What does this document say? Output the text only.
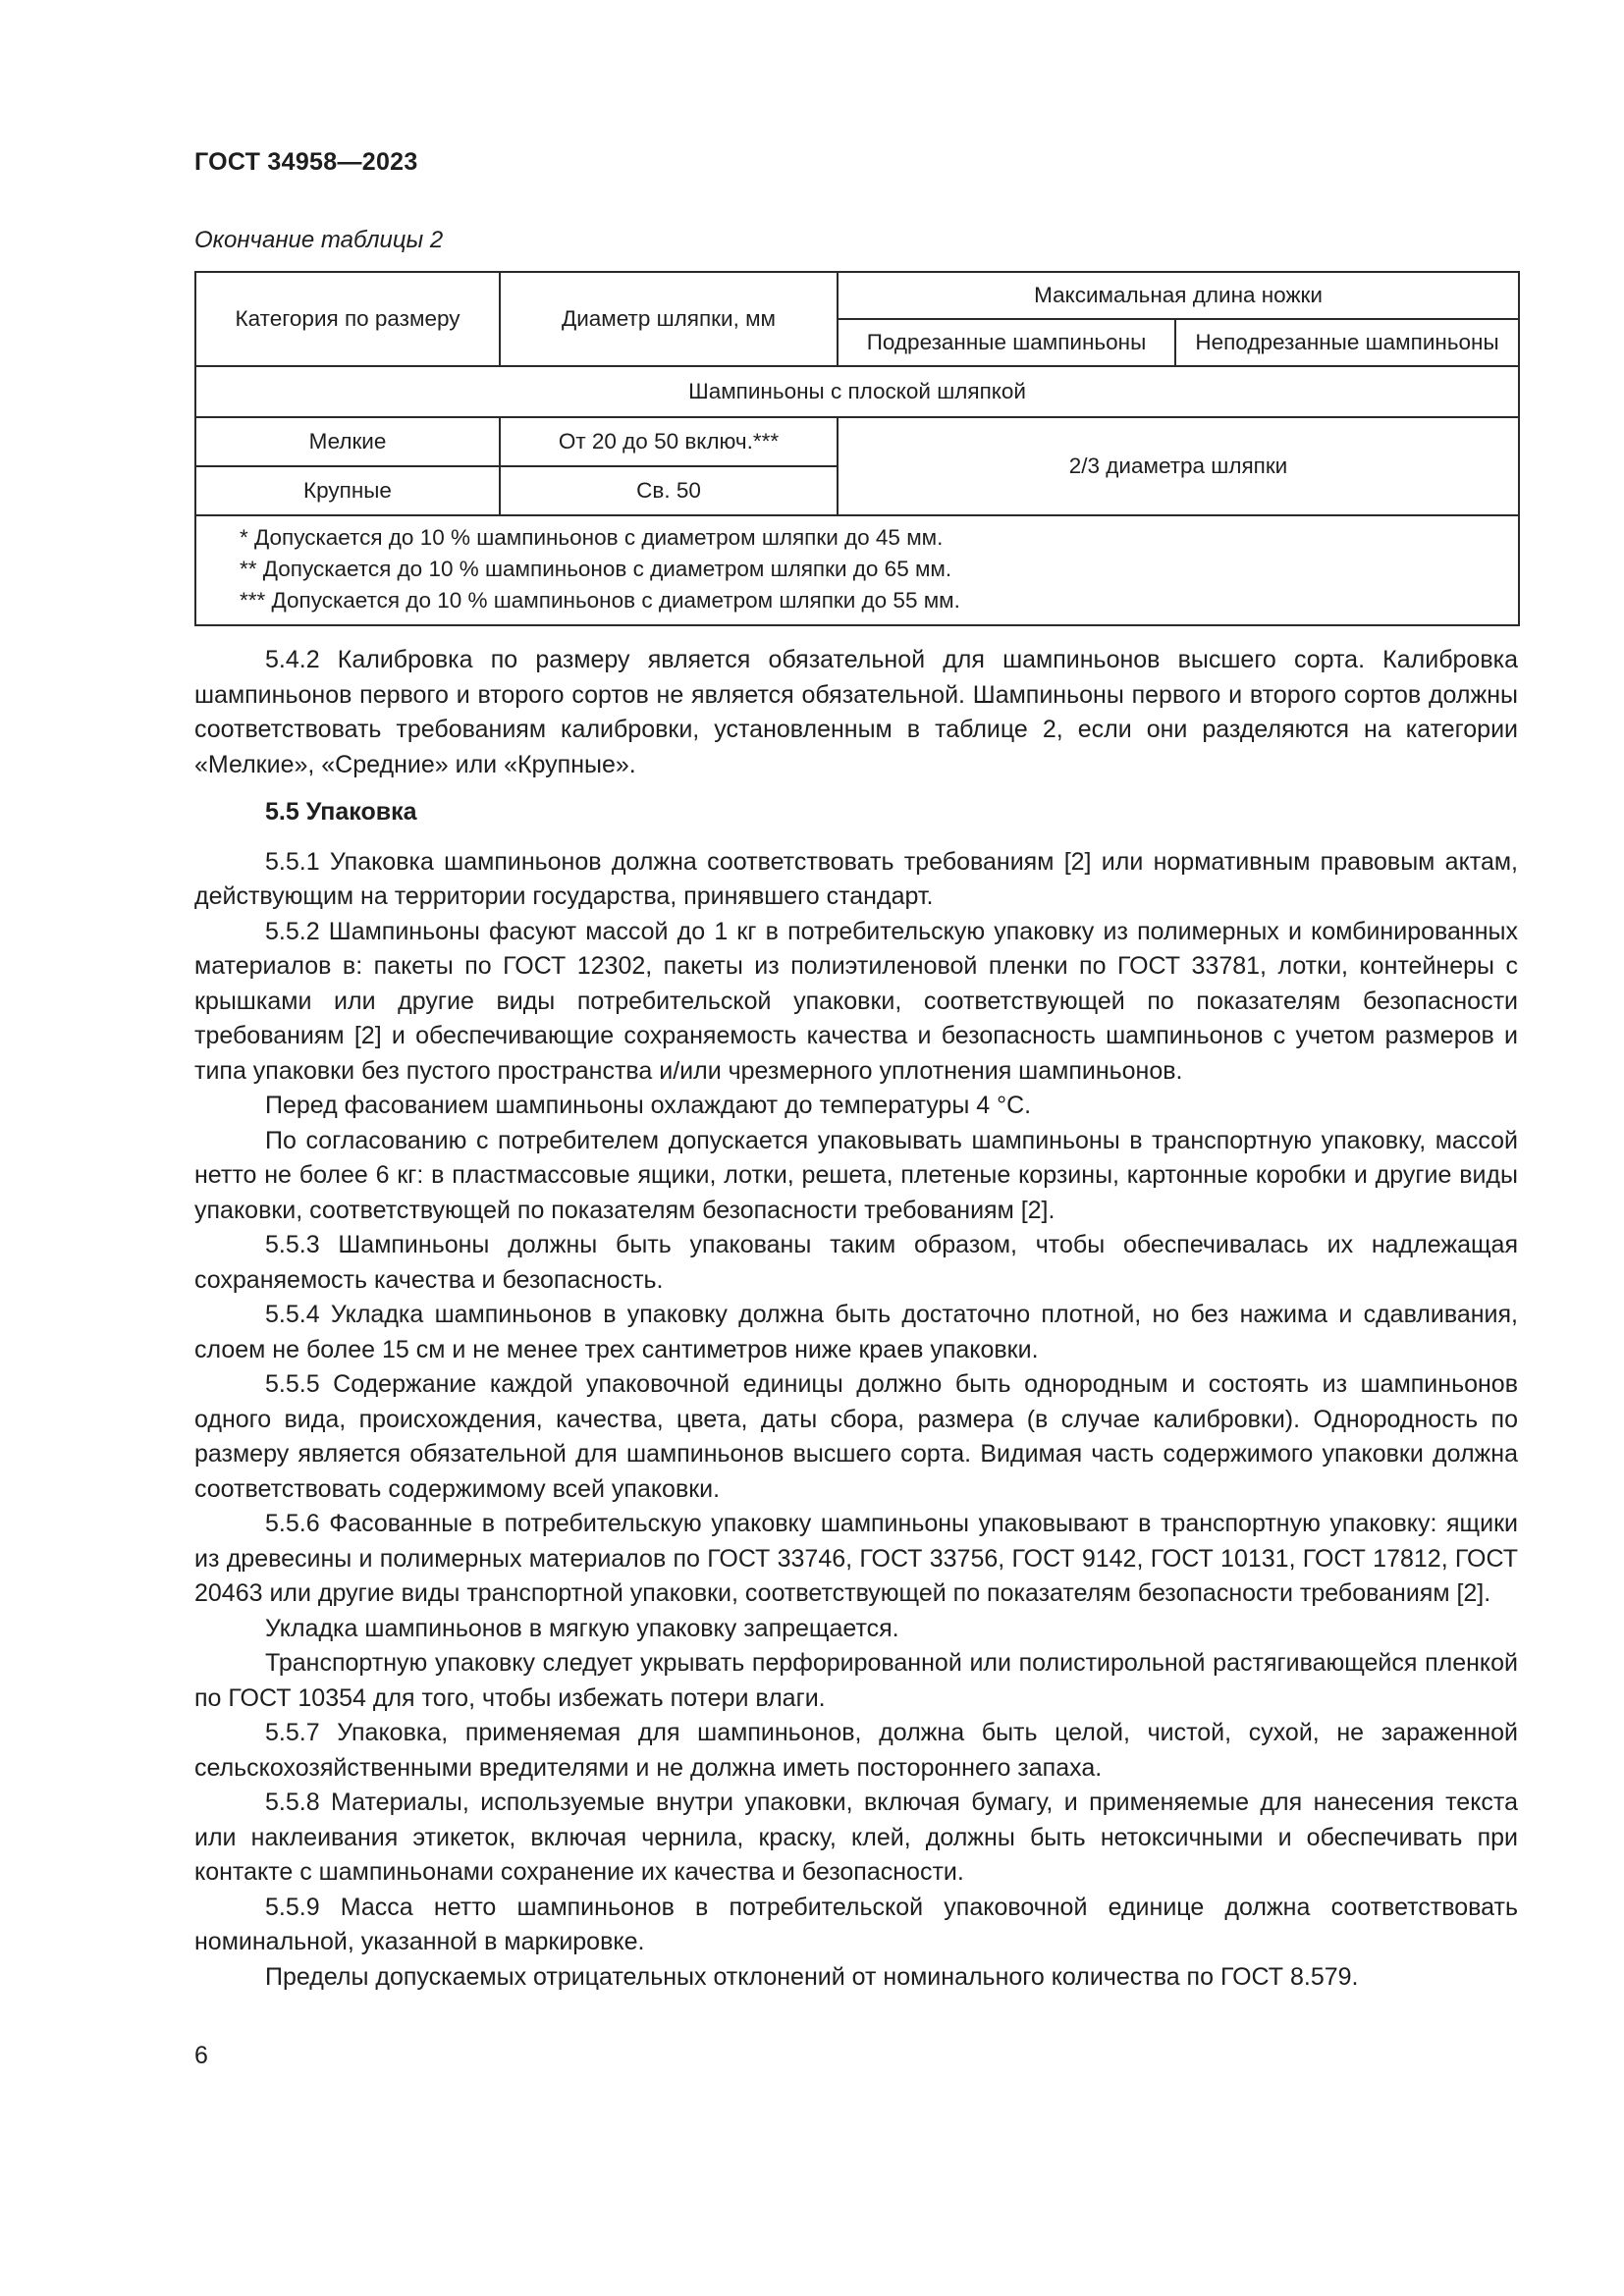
ГОСТ 34958—2023
Окончание таблицы 2
Категория по размеру	Диаметр шляпки, мм	Максимальная длина ножки	
		Подрезанные шампиньоны	Неподрезанные шампиньоны
Шампиньоны с плоской шляпкой			
Мелкие	От 20 до 50 включ.***	2/3 диаметра шляпки	
Крупные	Св. 50		

* Допускается до 10 % шампиньонов с диаметром шляпки до 45 мм.
** Допускается до 10 % шампиньонов с диаметром шляпки до 65 мм.
*** Допускается до 10 % шампиньонов с диаметром шляпки до 55 мм.			

5.4.2 Калибровка по размеру является обязательной для шампиньонов высшего сорта. Калибровка шампиньонов первого и второго сортов не является обязательной. Шампиньоны первого и второго сортов должны соответствовать требованиям калибровки, установленным в таблице 2, если они разделяются на категории «Мелкие», «Средние» или «Крупные».

5.5 Упаковка

5.5.1 Упаковка шампиньонов должна соответствовать требованиям [2] или нормативным правовым актам, действующим на территории государства, принявшего стандарт.

5.5.2 Шампиньоны фасуют массой до 1 кг в потребительскую упаковку из полимерных и комбинированных материалов в: пакеты по ГОСТ 12302, пакеты из полиэтиленовой пленки по ГОСТ 33781, лотки, контейнеры с крышками или другие виды потребительской упаковки, соответствующей по показателям безопасности требованиям [2] и обеспечивающие сохраняемость качества и безопасность шампиньонов с учетом размеров и типа упаковки без пустого пространства и/или чрезмерного уплотнения шампиньонов.

Перед фасованием шампиньоны охлаждают до температуры 4 °С.

По согласованию с потребителем допускается упаковывать шампиньоны в транспортную упаковку, массой нетто не более 6 кг: в пластмассовые ящики, лотки, решета, плетеные корзины, картонные коробки и другие виды упаковки, соответствующей по показателям безопасности требованиям [2].

5.5.3 Шампиньоны должны быть упакованы таким образом, чтобы обеспечивалась их надлежащая сохраняемость качества и безопасность.

5.5.4 Укладка шампиньонов в упаковку должна быть достаточно плотной, но без нажима и сдавливания, слоем не более 15 см и не менее трех сантиметров ниже краев упаковки.

5.5.5 Содержание каждой упаковочной единицы должно быть однородным и состоять из шампиньонов одного вида, происхождения, качества, цвета, даты сбора, размера (в случае калибровки). Однородность по размеру является обязательной для шампиньонов высшего сорта. Видимая часть содержимого упаковки должна соответствовать содержимому всей упаковки.

5.5.6 Фасованные в потребительскую упаковку шампиньоны упаковывают в транспортную упаковку: ящики из древесины и полимерных материалов по ГОСТ 33746, ГОСТ 33756, ГОСТ 9142, ГОСТ 10131, ГОСТ 17812, ГОСТ 20463 или другие виды транспортной упаковки, соответствующей по показателям безопасности требованиям [2].

Укладка шампиньонов в мягкую упаковку запрещается.

Транспортную упаковку следует укрывать перфорированной или полистирольной растягивающейся пленкой по ГОСТ 10354 для того, чтобы избежать потери влаги.

5.5.7 Упаковка, применяемая для шампиньонов, должна быть целой, чистой, сухой, не зараженной сельскохозяйственными вредителями и не должна иметь постороннего запаха.

5.5.8 Материалы, используемые внутри упаковки, включая бумагу, и применяемые для нанесения текста или наклеивания этикеток, включая чернила, краску, клей, должны быть нетоксичными и обеспечивать при контакте с шампиньонами сохранение их качества и безопасности.

5.5.9 Масса нетто шампиньонов в потребительской упаковочной единице должна соответствовать номинальной, указанной в маркировке.

Пределы допускаемых отрицательных отклонений от номинального количества по ГОСТ 8.579.

6
